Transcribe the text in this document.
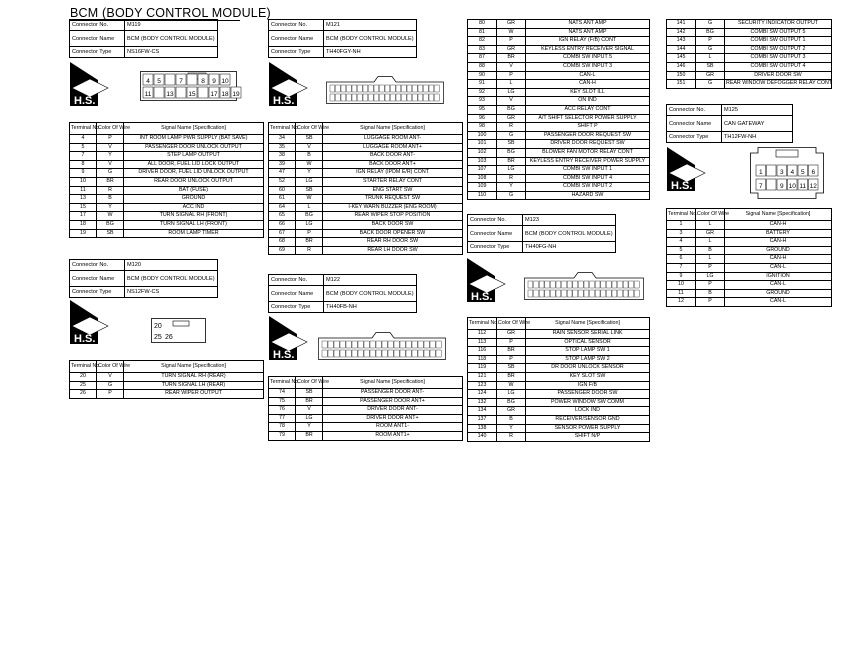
BCM (BODY CONTROL MODULE)
Connector No.	M119
Connector Name	BCM (BODY CONTROL MODULE)
Connector Type	NS16FW-CS
H.S.
4 5	7	8 9 10
11 13 15 17 18 19
Terminal No.	Color Of Wire	Signal Name [Specification]
4	P	INT ROOM LAMP PWR SUPPLY (BAT SAVE)
5	V	PASSENGER DOOR UNLOCK OUTPUT
7	Y	STEP LAMP OUTPUT
8	V	ALL DOOR, FUEL LID LOCK OUTPUT
9	G	DRIVER DOOR, FUEL LID UNLOCK OUTPUT
10	BR	REAR DOOR UNLOCK OUTPUT
11	R	BAT (FUSE)
13	B	GROUND
15	Y	ACC IND
17	W	TURN SIGNAL RH (FRONT)
18	BG	TURN SIGNAL LH (FRONT)
19	SB	ROOM LAMP TIMER
Connector No.	M120
Connector Name	BCM (BODY CONTROL MODULE)
Connector Type	NS12FW-CS
H.S.
20
25 26
Terminal No.	Color Of Wire	Signal Name [Specification]
20	V	TURN SIGNAL RH (REAR)
25	G	TURN SIGNAL LH (REAR)
26	P	REAR WIPER OUTPUT
Connector No.	M121
Connector Name	BCM (BODY CONTROL MODULE)
Connector Type	TH40FGY-NH
H.S.
Terminal No.	Color Of Wire	Signal Name [Specification]
34	SB	LUGGAGE ROOM ANT-
35	V	LUGGAGE ROOM ANT+
38	B	BACK DOOR ANT-
39	W	BACK DOOR ANT+
47	Y	IGN RELAY (IPDM E/R) CONT
52	LG	STARTER RELAY CONT
60	SB	ENG START SW
61	W	TRUNK REQUEST SW
64	L	I-KEY WARN BUZZER (ENG ROOM)
65	BG	REAR WIPER STOP POSITION
66	LG	BACK DOOR SW
67	P	BACK DOOR OPENER SW
68	BR	REAR RH DOOR SW
69	R	REAR LH DOOR SW
Connector No.	M122
Connector Name	BCM (BODY CONTROL MODULE)
Connector Type	TH40FB-NH
H.S.
Terminal No.	Color Of Wire	Signal Name [Specification]
74	SB	PASSENGER DOOR ANT-
75	BR	PASSENGER DOOR ANT+
76	V	DRIVER DOOR ANT-
77	LG	DRIVER DOOR ANT+
78	Y	ROOM ANT1-
79	BR	ROOM ANT1+
80	GR	NATS ANT AMP
81	W	NATS ANT AMP
82	P	IGN RELAY (F/B) CONT
83	GR	KEYLESS ENTRY RECEIVER SIGNAL
87	BR	COMBI SW INPUT 5
88	V	COMBI SW INPUT 3
90	P	CAN-L
91	L	CAN-H
92	LG	KEY SLOT ILL
93	V	ON IND
95	BG	ACC RELAY CONT
96	GR	A/T SHIFT SELECTOR POWER SUPPLY
98	R	SHIFT P
100	G	PASSENGER DOOR REQUEST SW
101	SB	DRIVER DOOR REQUEST SW
102	BG	BLOWER FAN MOTOR RELAY CONT
103	BR	KEYLESS ENTRY RECEIVER POWER SUPPLY
107	LG	COMBI SW INPUT 1
108	R	COMBI SW INPUT 4
109	Y	COMBI SW INPUT 2
110	G	HAZARD SW
Connector No.	M123
Connector Name	BCM (BODY CONTROL MODULE)
Connector Type	TH40FG-NH
H.S.
Terminal No.	Color Of Wire	Signal Name [Specification]
112	GR	RAIN SENSOR SERIAL LINK
113	P	OPTICAL SENSOR
116	BR	STOP LAMP SW 1
118	P	STOP LAMP SW 2
119	SB	DR DOOR UNLOCK SENSOR
121	BR	KEY SLOT SW
123	W	IGN F/B
124	LG	PASSENGER DOOR SW
132	BG	POWER WINDOW SW COMM
134	GR	LOCK IND
137	B	RECEIVER/SENSOR GND
138	Y	SENSOR POWER SUPPLY
140	R	SHIFT N/P
141	G	SECURITY INDICATOR OUTPUT
142	BG	COMBI SW OUTPUT 5
143	P	COMBI SW OUTPUT 1
144	G	COMBI SW OUTPUT 2
145	L	COMBI SW OUTPUT 3
146	SB	COMBI SW OUTPUT 4
150	GR	DRIVER DOOR SW
151	G	REAR WINDOW DEFOGGER RELAY CONT
Connector No.	M125
Connector Name	CAN GATEWAY
Connector Type	TH12FW-NH
H.S.
1	3 4 5 6
7	9 10 11 12
Terminal No.	Color Of Wire	Signal Name [Specification]
1	L	CAN-H
3	GR	BATTERY
4	L	CAN-H
5	B	GROUND
6	L	CAN-H
7	P	CAN-L
9	LG	IGNITION
10	P	CAN-L
11	B	GROUND
12	P	CAN-L
